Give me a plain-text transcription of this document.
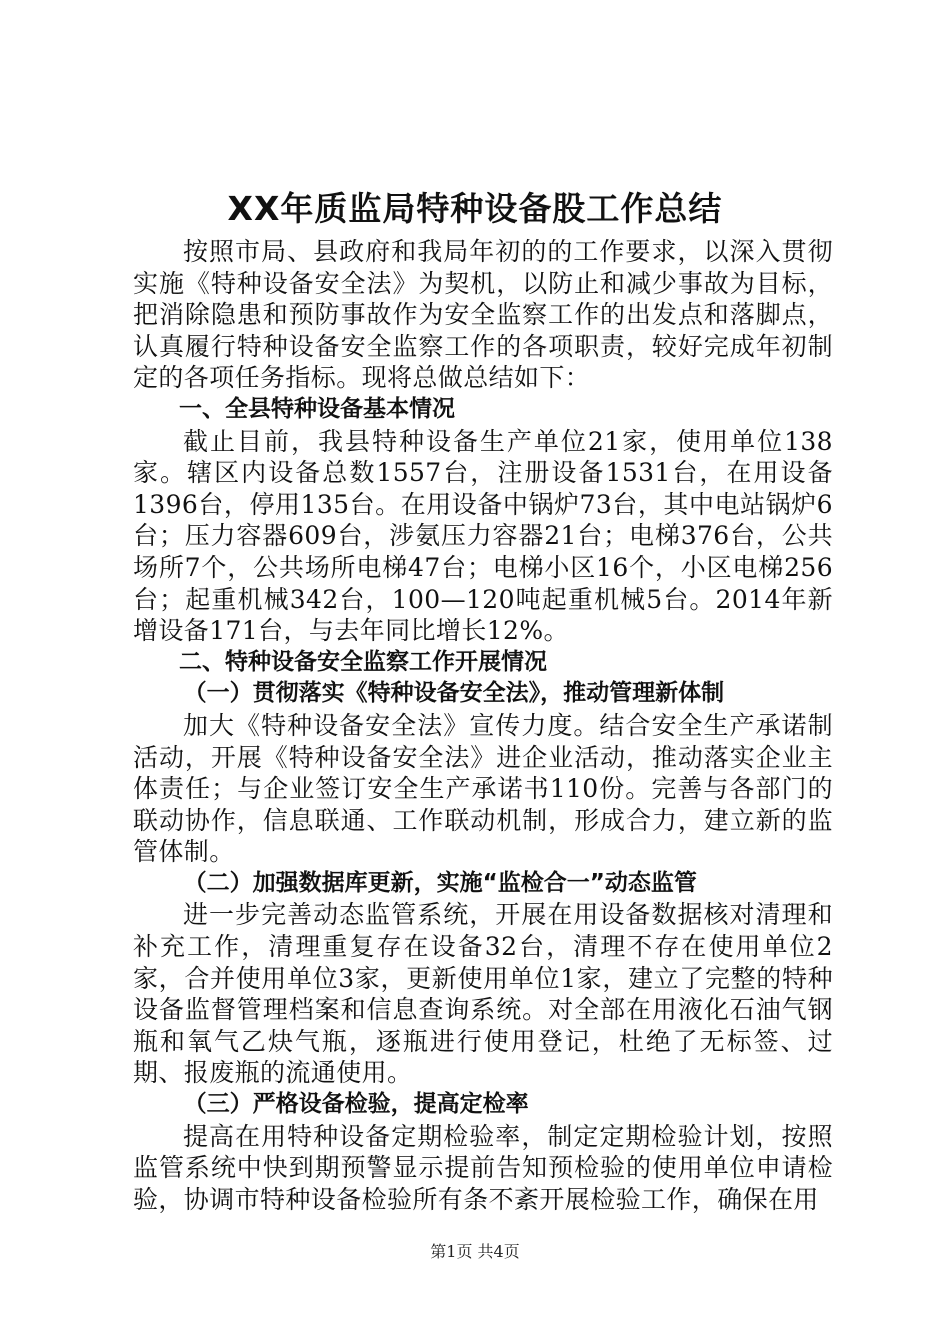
XX年质监局特种设备股工作总结

按照市局、县政府和我局年初的的工作要求，以深入贯彻实施《特种设备安全法》为契机，以防止和减少事故为目标，把消除隐患和预防事故作为安全监察工作的出发点和落脚点，认真履行特种设备安全监察工作的各项职责，较好完成年初制定的各项任务指标。现将总做总结如下：

一、全县特种设备基本情况

截止目前，我县特种设备生产单位21家，使用单位138家。辖区内设备总数1557台，注册设备1531台，在用设备1396台，停用135台。在用设备中锅炉73台，其中电站锅炉6台；压力容器609台，涉氨压力容器21台；电梯376台，公共场所7个，公共场所电梯47台；电梯小区16个，小区电梯256台；起重机械342台，100—120吨起重机械5台。2014年新增设备171台，与去年同比增长12%。

二、特种设备安全监察工作开展情况

（一）贯彻落实《特种设备安全法》，推动管理新体制

加大《特种设备安全法》宣传力度。结合安全生产承诺制活动，开展《特种设备安全法》进企业活动，推动落实企业主体责任；与企业签订安全生产承诺书110份。完善与各部门的联动协作，信息联通、工作联动机制，形成合力，建立新的监管体制。

（二）加强数据库更新，实施“监检合一”动态监管

进一步完善动态监管系统，开展在用设备数据核对清理和补充工作，清理重复存在设备32台，清理不存在使用单位2家，合并使用单位3家，更新使用单位1家，建立了完整的特种设备监督管理档案和信息查询系统。对全部在用液化石油气钢瓶和氧气乙炔气瓶，逐瓶进行使用登记，杜绝了无标签、过期、报废瓶的流通使用。

（三）严格设备检验，提高定检率

提高在用特种设备定期检验率，制定定期检验计划，按照监管系统中快到期预警显示提前告知预检验的使用单位申请检验，协调市特种设备检验所有条不紊开展检验工作，确保在用

第1页 共4页
